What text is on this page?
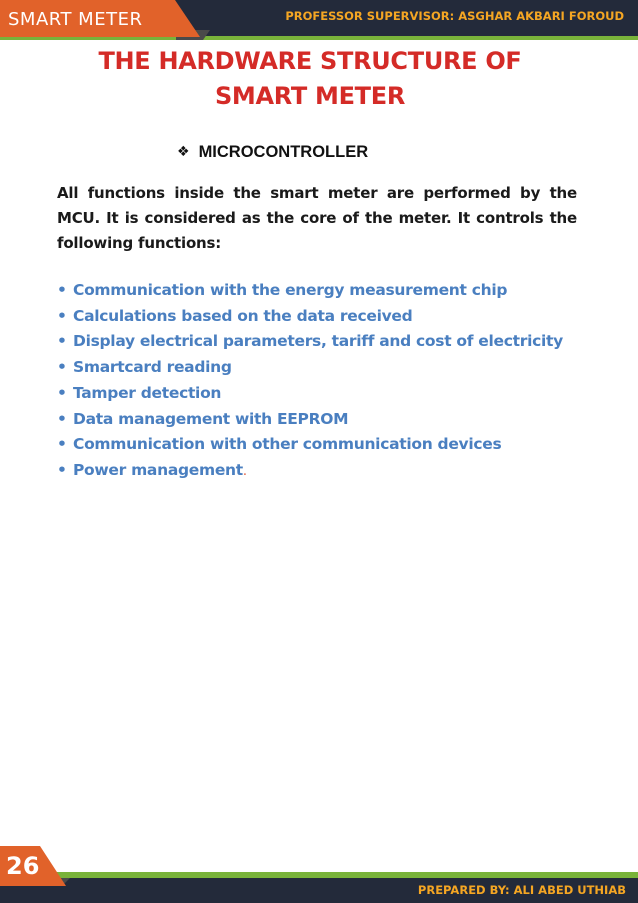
SMART METER	PROFESSOR SUPERVISOR: ASGHAR AKBARI FOROUD
THE HARDWARE STRUCTURE OF
SMART METER
❖ MICROCONTROLLER

All functions inside the smart meter are performed by the MCU. It is considered as the core of the meter. It controls the following functions:

• Communication with the energy measurement chip
• Calculations based on the data received
• Display electrical parameters, tariff and cost of electricity
• Smartcard reading
• Tamper detection
• Data management with EEPROM
• Communication with other communication devices
• Power management.
26
PREPARED BY: ALI ABED UTHIAB
